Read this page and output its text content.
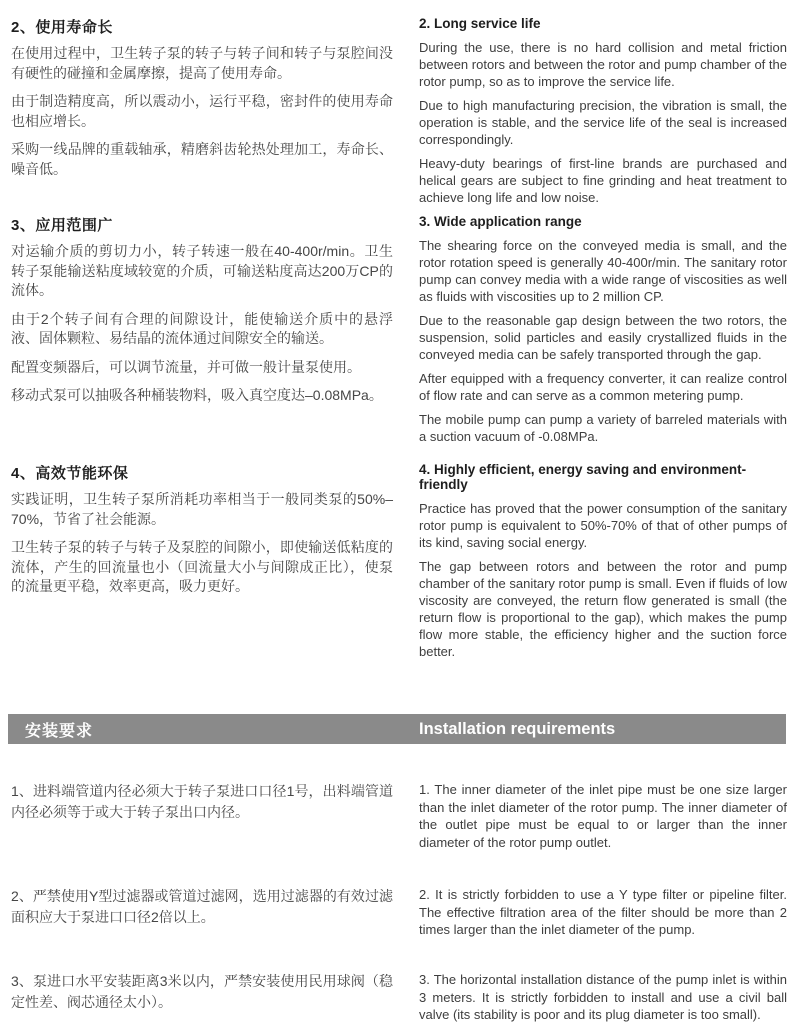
2、使用寿命长

在使用过程中，卫生转子泵的转子与转子间和转子与泵腔间没有硬性的碰撞和金属摩擦，提高了使用寿命。

由于制造精度高，所以震动小，运行平稳，密封件的使用寿命也相应增长。

采购一线品牌的重载轴承，精磨斜齿轮热处理加工，寿命长、噪音低。

2. Long service life

During the use, there is no hard collision and metal friction between rotors and between the rotor and pump chamber of the rotor pump, so as to improve the service life.

Due to high manufacturing precision, the vibration is small, the operation is stable, and the service life of the seal is increased correspondingly.

Heavy-duty bearings of first-line brands are purchased and helical gears are subject to fine grinding and heat treatment to achieve long life and low noise.

3、应用范围广

对运输介质的剪切力小，转子转速一般在40-400r/min。卫生转子泵能输送粘度域较宽的介质，可输送粘度高达200万CP的流体。

由于2个转子间有合理的间隙设计，能使输送介质中的悬浮液、固体颗粒、易结晶的流体通过间隙安全的输送。

配置变频器后，可以调节流量，并可做一般计量泵使用。

移动式泵可以抽吸各种桶装物料，吸入真空度达–0.08MPa。

3. Wide application range

The shearing force on the conveyed media is small, and the rotor rotation speed is generally 40-400r/min. The sanitary rotor pump can convey media with a wide range of viscosities as well as fluids with viscosities up to 2 million CP.

Due to the reasonable gap design between the two rotors, the suspension, solid particles and easily crystallized fluids in the conveyed media can be safely transported through the gap.

After equipped with a frequency converter, it can realize control of flow rate and can serve as a common metering pump.

The mobile pump can pump a variety of barreled materials with a suction vacuum of -0.08MPa.

4、高效节能环保

实践证明，卫生转子泵所消耗功率相当于一般同类泵的50%–70%，节省了社会能源。

卫生转子泵的转子与转子及泵腔的间隙小，即使输送低粘度的流体，产生的回流量也小（回流量大小与间隙成正比），使泵的流量更平稳，效率更高，吸力更好。

4. Highly efficient, energy saving and environment-friendly

Practice has proved that the power consumption of the sanitary rotor pump is equivalent to 50%-70% of that of other pumps of its kind, saving social energy.

The gap between rotors and between the rotor and pump chamber of the sanitary rotor pump is small. Even if fluids of low viscosity are conveyed, the return flow generated is small (the return flow is proportional to the gap), which makes the pump flow more stable, the efficiency higher and the suction force better.

安装要求	Installation requirements
1、进料端管道内径必须大于转子泵进口口径1号，出料端管道内径必须等于或大于转子泵出口内径。
1. The inner diameter of the inlet pipe must be one size larger than the inlet diameter of the rotor pump. The inner diameter of the outlet pipe must be equal to or larger than the inner diameter of the rotor pump outlet.
2、严禁使用Y型过滤器或管道过滤网，选用过滤器的有效过滤面积应大于泵进口口径2倍以上。
2. It is strictly forbidden to use a Y type filter or pipeline filter. The effective filtration area of the filter should be more than 2 times larger than the inlet diameter of the pump.
3、泵进口水平安装距离3米以内，严禁安装使用民用球阀（稳定性差、阀芯通径太小）。
3. The horizontal installation distance of the pump inlet is within 3 meters. It is strictly forbidden to install and use a civil ball valve (its stability is poor and its plug diameter is too small).
